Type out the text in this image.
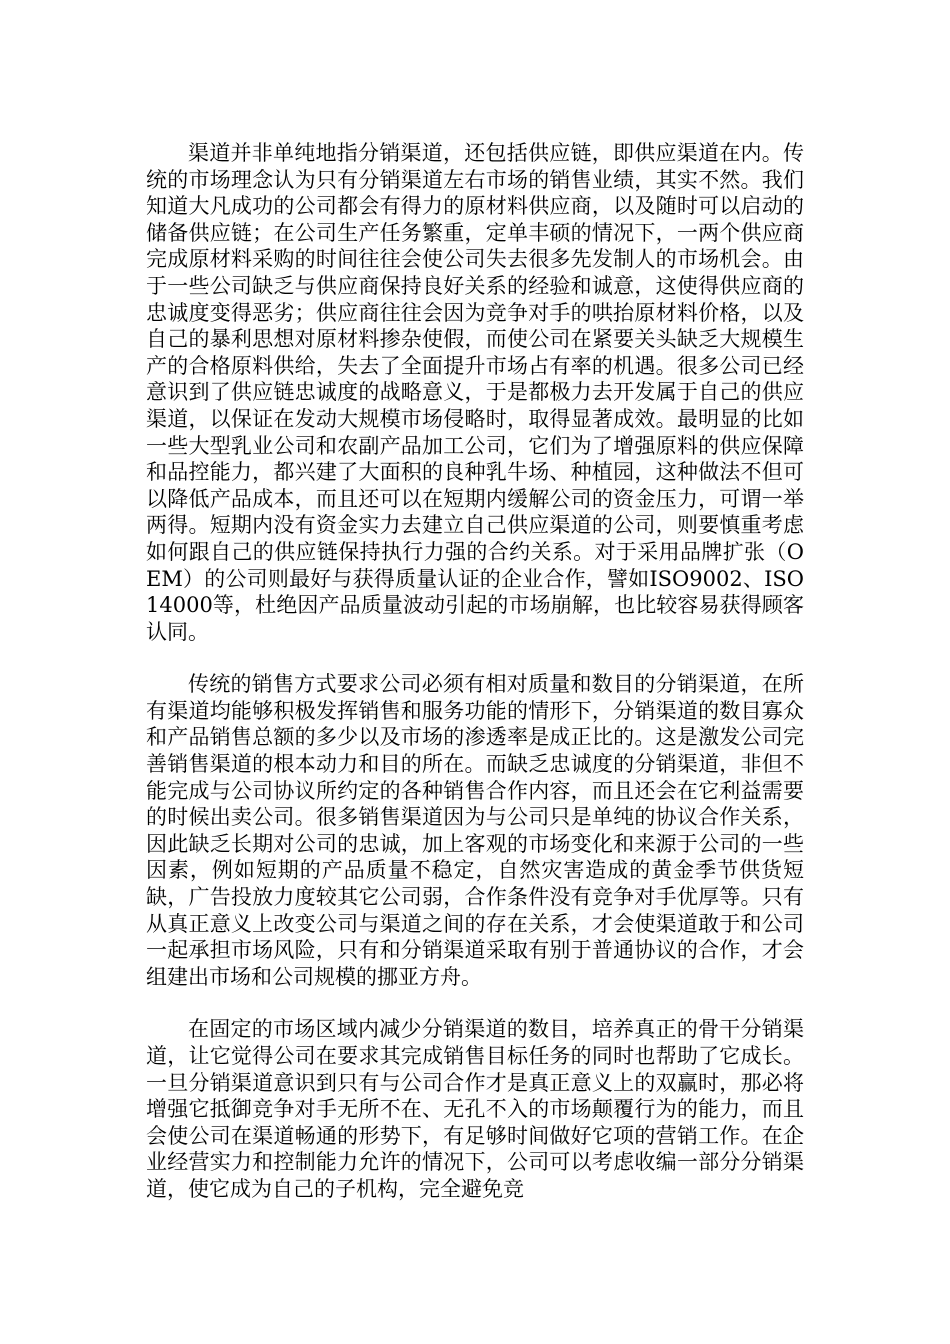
渠道并非单纯地指分销渠道，还包括供应链，即供应渠道在内。传统的市场理念认为只有分销渠道左右市场的销售业绩，其实不然。我们知道大凡成功的公司都会有得力的原材料供应商，以及随时可以启动的储备供应链；在公司生产任务繁重，定单丰硕的情况下，一两个供应商完成原材料采购的时间往往会使公司失去很多先发制人的市场机会。由于一些公司缺乏与供应商保持良好关系的经验和诚意，这使得供应商的忠诚度变得恶劣；供应商往往会因为竞争对手的哄抬原材料价格，以及自己的暴利思想对原材料掺杂使假，而使公司在紧要关头缺乏大规模生产的合格原料供给，失去了全面提升市场占有率的机遇。很多公司已经意识到了供应链忠诚度的战略意义，于是都极力去开发属于自己的供应渠道，以保证在发动大规模市场侵略时，取得显著成效。最明显的比如一些大型乳业公司和农副产品加工公司，它们为了增强原料的供应保障和品控能力，都兴建了大面积的良种乳牛场、种植园，这种做法不但可以降低产品成本，而且还可以在短期内缓解公司的资金压力，可谓一举两得。短期内没有资金实力去建立自己供应渠道的公司，则要慎重考虑如何跟自己的供应链保持执行力强的合约关系。对于采用品牌扩张（OEM）的公司则最好与获得质量认证的企业合作，譬如ISO9002、ISO14000等，杜绝因产品质量波动引起的市场崩解，也比较容易获得顾客认同。

传统的销售方式要求公司必须有相对质量和数目的分销渠道，在所有渠道均能够积极发挥销售和服务功能的情形下，分销渠道的数目寡众和产品销售总额的多少以及市场的渗透率是成正比的。这是激发公司完善销售渠道的根本动力和目的所在。而缺乏忠诚度的分销渠道，非但不能完成与公司协议所约定的各种销售合作内容，而且还会在它利益需要的时候出卖公司。很多销售渠道因为与公司只是单纯的协议合作关系，因此缺乏长期对公司的忠诚，加上客观的市场变化和来源于公司的一些因素，例如短期的产品质量不稳定，自然灾害造成的黄金季节供货短缺，广告投放力度较其它公司弱，合作条件没有竞争对手优厚等。只有从真正意义上改变公司与渠道之间的存在关系，才会使渠道敢于和公司一起承担市场风险，只有和分销渠道采取有别于普通协议的合作，才会组建出市场和公司规模的挪亚方舟。

在固定的市场区域内减少分销渠道的数目，培养真正的骨干分销渠道，让它觉得公司在要求其完成销售目标任务的同时也帮助了它成长。一旦分销渠道意识到只有与公司合作才是真正意义上的双赢时，那必将增强它抵御竞争对手无所不在、无孔不入的市场颠覆行为的能力，而且会使公司在渠道畅通的形势下，有足够时间做好它项的营销工作。在企业经营实力和控制能力允许的情况下，公司可以考虑收编一部分分销渠道，使它成为自己的子机构，完全避免竞
